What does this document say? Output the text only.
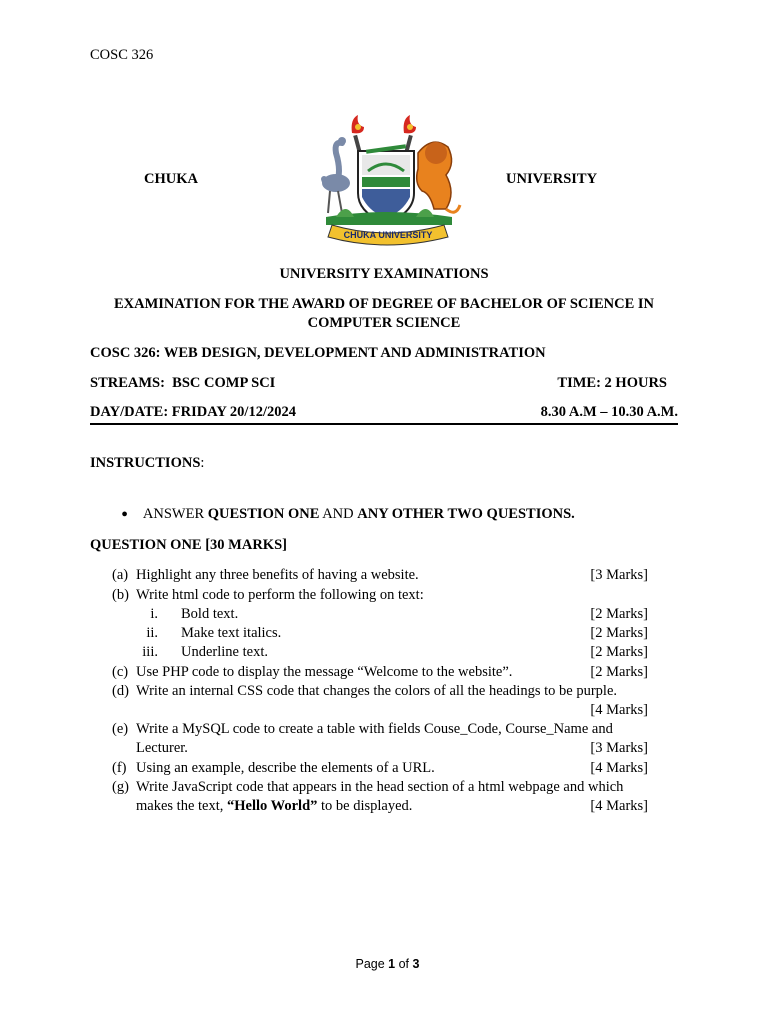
COSC 326
CHUKA	UNIVERSITY
CHUKA UNIVERSITY
UNIVERSITY EXAMINATIONS
EXAMINATION FOR THE AWARD OF DEGREE OF BACHELOR OF SCIENCE IN
COMPUTER SCIENCE
COSC 326: WEB DESIGN, DEVELOPMENT AND ADMINISTRATION
STREAMS:  BSC COMP SCI	TIME: 2 HOURS
DAY/DATE: FRIDAY 20/12/2024	8.30 A.M – 10.30 A.M.
INSTRUCTIONS:

● ANSWER QUESTION ONE AND ANY OTHER TWO QUESTIONS.

QUESTION ONE [30 MARKS]
(a) Highlight any three benefits of having a website.	[3 Marks]
(b) Write html code to perform the following on text:
i. Bold text.	[2 Marks]
ii. Make text italics.	[2 Marks]
iii. Underline text.	[2 Marks]
(c) Use PHP code to display the message “Welcome to the website”.	[2 Marks]
(d) Write an internal CSS code that changes the colors of all the headings to be purple.
[4 Marks]
(e) Write a MySQL code to create a table with fields Couse_Code, Course_Name and
Lecturer.	[3 Marks]
(f) Using an example, describe the elements of a URL.	[4 Marks]
(g) Write JavaScript code that appears in the head section of a html webpage and which
makes the text, “Hello World” to be displayed.	[4 Marks]

Page 1 of 3
